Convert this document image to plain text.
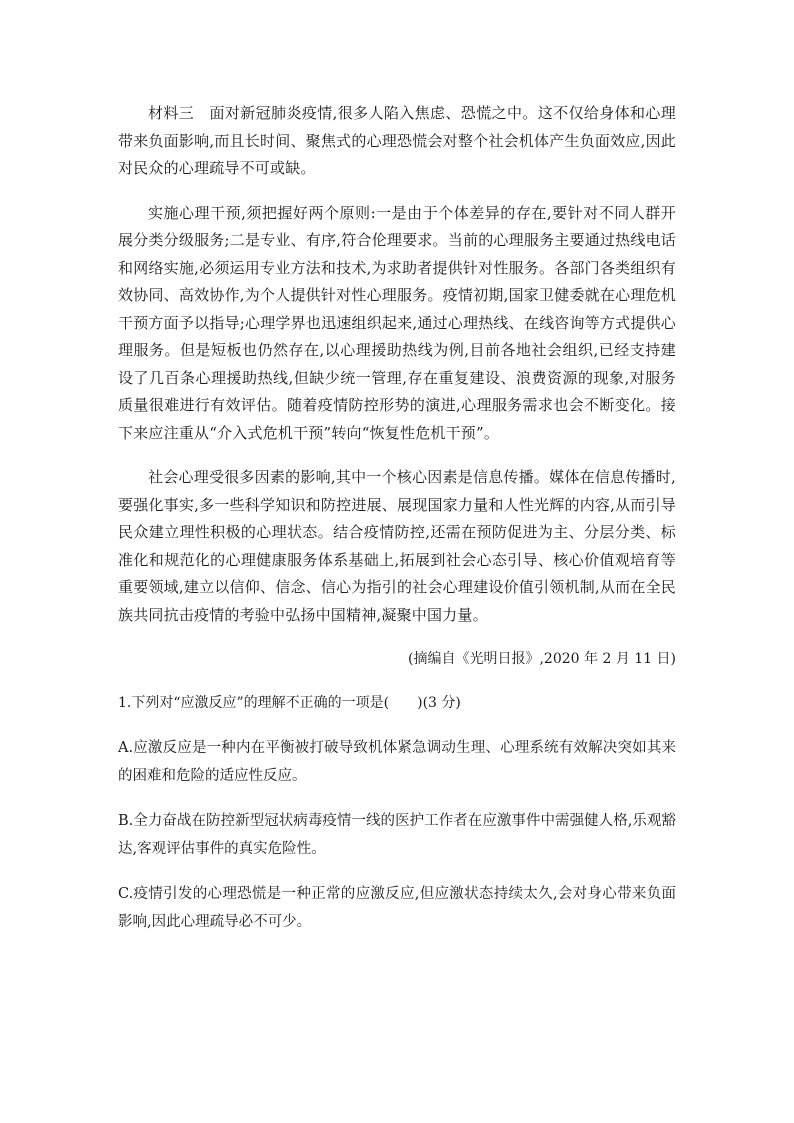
材料三　面对新冠肺炎疫情,很多人陷入焦虑、恐慌之中。这不仅给身体和心理带来负面影响,而且长时间、聚焦式的心理恐慌会对整个社会机体产生负面效应,因此对民众的心理疏导不可或缺。

实施心理干预,须把握好两个原则:一是由于个体差异的存在,要针对不同人群开展分类分级服务;二是专业、有序,符合伦理要求。当前的心理服务主要通过热线电话和网络实施,必须运用专业方法和技术,为求助者提供针对性服务。各部门各类组织有效协同、高效协作,为个人提供针对性心理服务。疫情初期,国家卫健委就在心理危机干预方面予以指导;心理学界也迅速组织起来,通过心理热线、在线咨询等方式提供心理服务。但是短板也仍然存在,以心理援助热线为例,目前各地社会组织,已经支持建设了几百条心理援助热线,但缺少统一管理,存在重复建设、浪费资源的现象,对服务质量很难进行有效评估。随着疫情防控形势的演进,心理服务需求也会不断变化。接下来应注重从“介入式危机干预”转向“恢复性危机干预”。

社会心理受很多因素的影响,其中一个核心因素是信息传播。媒体在信息传播时,要强化事实,多一些科学知识和防控进展、展现国家力量和人性光辉的内容,从而引导民众建立理性积极的心理状态。结合疫情防控,还需在预防促进为主、分层分类、标准化和规范化的心理健康服务体系基础上,拓展到社会心态引导、核心价值观培育等重要领域,建立以信仰、信念、信心为指引的社会心理建设价值引领机制,从而在全民族共同抗击疫情的考验中弘扬中国精神,凝聚中国力量。

(摘编自《光明日报》,2020 年 2 月 11 日)

1.下列对“应激反应”的理解不正确的一项是(　　)(3 分)

A.应激反应是一种内在平衡被打破导致机体紧急调动生理、心理系统有效解决突如其来的困难和危险的适应性反应。

B.全力奋战在防控新型冠状病毒疫情一线的医护工作者在应激事件中需强健人格,乐观豁达,客观评估事件的真实危险性。

C.疫情引发的心理恐慌是一种正常的应激反应,但应激状态持续太久,会对身心带来负面影响,因此心理疏导必不可少。
